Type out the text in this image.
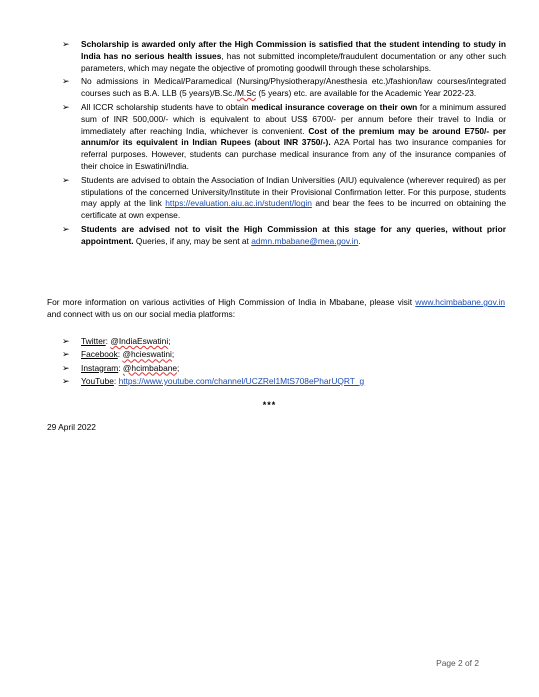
➢	Scholarship is awarded only after the High Commission is satisfied that the student intending to study in India has no serious health issues, has not submitted incomplete/fraudulent documentation or any other such parameters, which may negate the objective of promoting goodwill through these scholarships.
➢	No admissions in Medical/Paramedical (Nursing/Physiotherapy/Anesthesia etc.)/fashion/law courses/integrated courses such as B.A. LLB (5 years)/B.Sc./M.Sc (5 years) etc. are available for the Academic Year 2022-23.
➢	All ICCR scholarship students have to obtain medical insurance coverage on their own for a minimum assured sum of INR 500,000/- which is equivalent to about US$ 6700/- per annum before their travel to India or immediately after reaching India, whichever is convenient. Cost of the premium may be around E750/- per annum/or its equivalent in Indian Rupees (about INR 3750/-). A2A Portal has two insurance companies for referral purposes. However, students can purchase medical insurance from any of the insurance companies of their choice in Eswatini/India.
➢	Students are advised to obtain the Association of Indian Universities (AIU) equivalence (wherever required) as per stipulations of the concerned University/Institute in their Provisional Confirmation letter. For this purpose, students may apply at the link https://evaluation.aiu.ac.in/student/login and bear the fees to be incurred on obtaining the certificate at own expense.
➢	Students are advised not to visit the High Commission at this stage for any queries, without prior appointment. Queries, if any, may be sent at admn.mbabane@mea.gov.in.
For more information on various activities of High Commission of India in Mbabane, please visit www.hcimbabane.gov.in and connect with us on our social media platforms:
➢	Twitter: @IndiaEswatini;
➢	Facebook: @hcieswatini;
➢	Instagram: @hcimbabane;
➢	YouTube: https://www.youtube.com/channel/UCZRel1MtS708ePharUQRT_g
***
29 April 2022
Page 2 of 2
